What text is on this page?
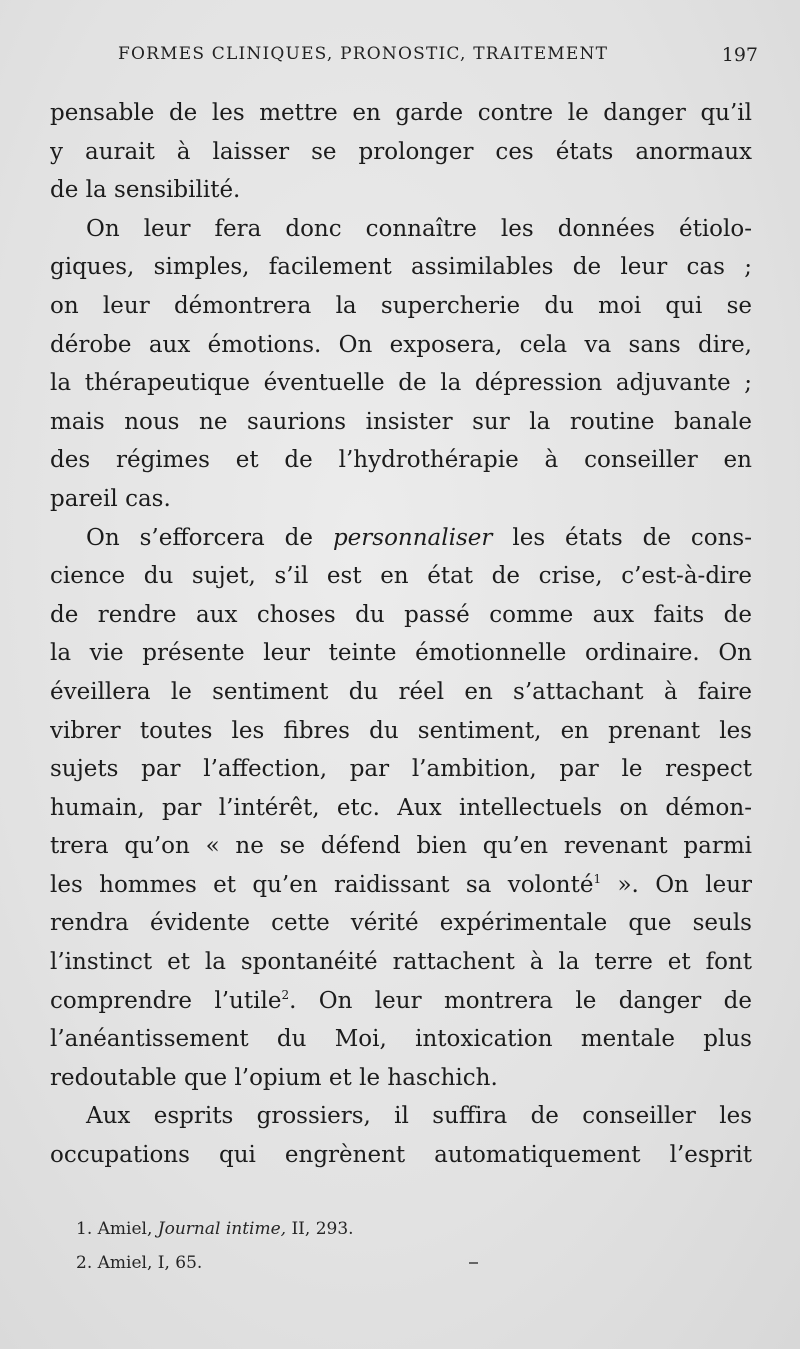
FORMES CLINIQUES, PRONOSTIC, TRAITEMENT	197
pensable de les mettre en garde contre le danger qu’il
y aurait à laisser se prolonger ces états anormaux
de la sensibilité.
On leur fera donc connaître les données étiolo-
giques, simples, facilement assimilables de leur cas ;
on leur démontrera la supercherie du moi qui se
dérobe aux émotions. On exposera, cela va sans dire,
la thérapeutique éventuelle de la dépression adjuvante ;
mais nous ne saurions insister sur la routine banale
des régimes et de l’hydrothérapie à conseiller en
pareil cas.
On s’efforcera de personnaliser les états de cons-
cience du sujet, s’il est en état de crise, c’est-à-dire
de rendre aux choses du passé comme aux faits de
la vie présente leur teinte émotionnelle ordinaire. On
éveillera le sentiment du réel en s’attachant à faire
vibrer toutes les fibres du sentiment, en prenant les
sujets par l’affection, par l’ambition, par le respect
humain, par l’intérêt, etc. Aux intellectuels on démon-
trera qu’on « ne se défend bien qu’en revenant parmi
les hommes et qu’en raidissant sa volonté$^1$ ». On leur
rendra évidente cette vérité expérimentale que seuls
l’instinct et la spontanéité rattachent à la terre et font
comprendre l’utile$^2$. On leur montrera le danger de
l’anéantissement du Moi, intoxication mentale plus
redoutable que l’opium et le haschich.
Aux esprits grossiers, il suffira de conseiller les
occupations qui engrènent automatiquement l’esprit
1. Amiel, Journal intime, II, 293.
2. Amiel, I, 65.
